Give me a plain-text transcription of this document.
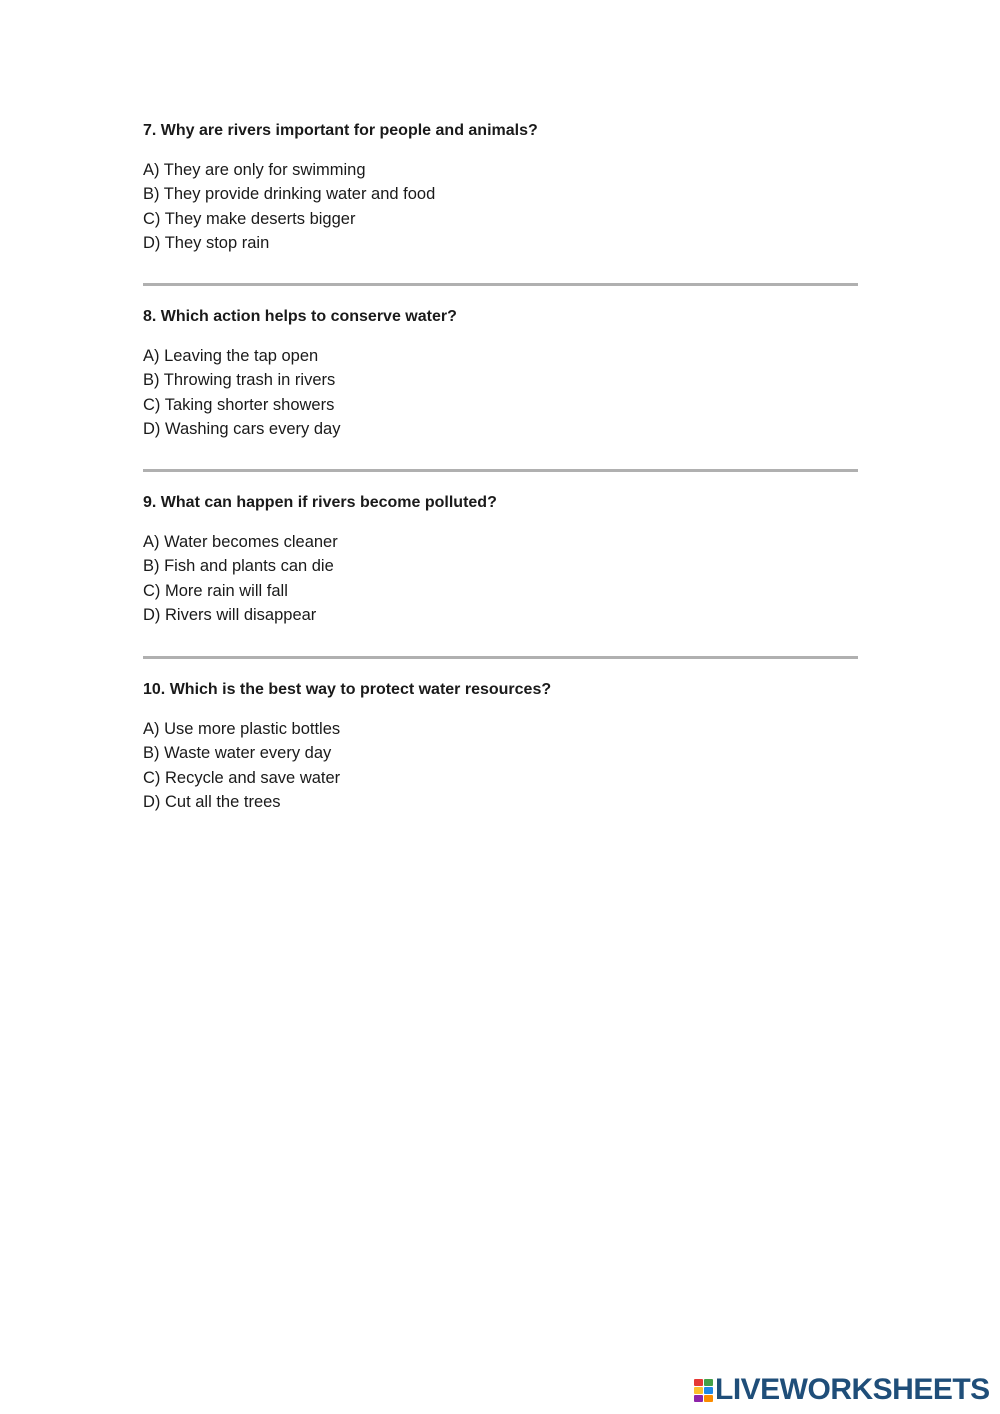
7. Why are rivers important for people and animals?
A) They are only for swimming
B) They provide drinking water and food
C) They make deserts bigger
D) They stop rain
8. Which action helps to conserve water?
A) Leaving the tap open
B) Throwing trash in rivers
C) Taking shorter showers
D) Washing cars every day
9. What can happen if rivers become polluted?
A) Water becomes cleaner
B) Fish and plants can die
C) More rain will fall
D) Rivers will disappear
10. Which is the best way to protect water resources?
A) Use more plastic bottles
B) Waste water every day
C) Recycle and save water
D) Cut all the trees
LIVEWORKSHEETS
